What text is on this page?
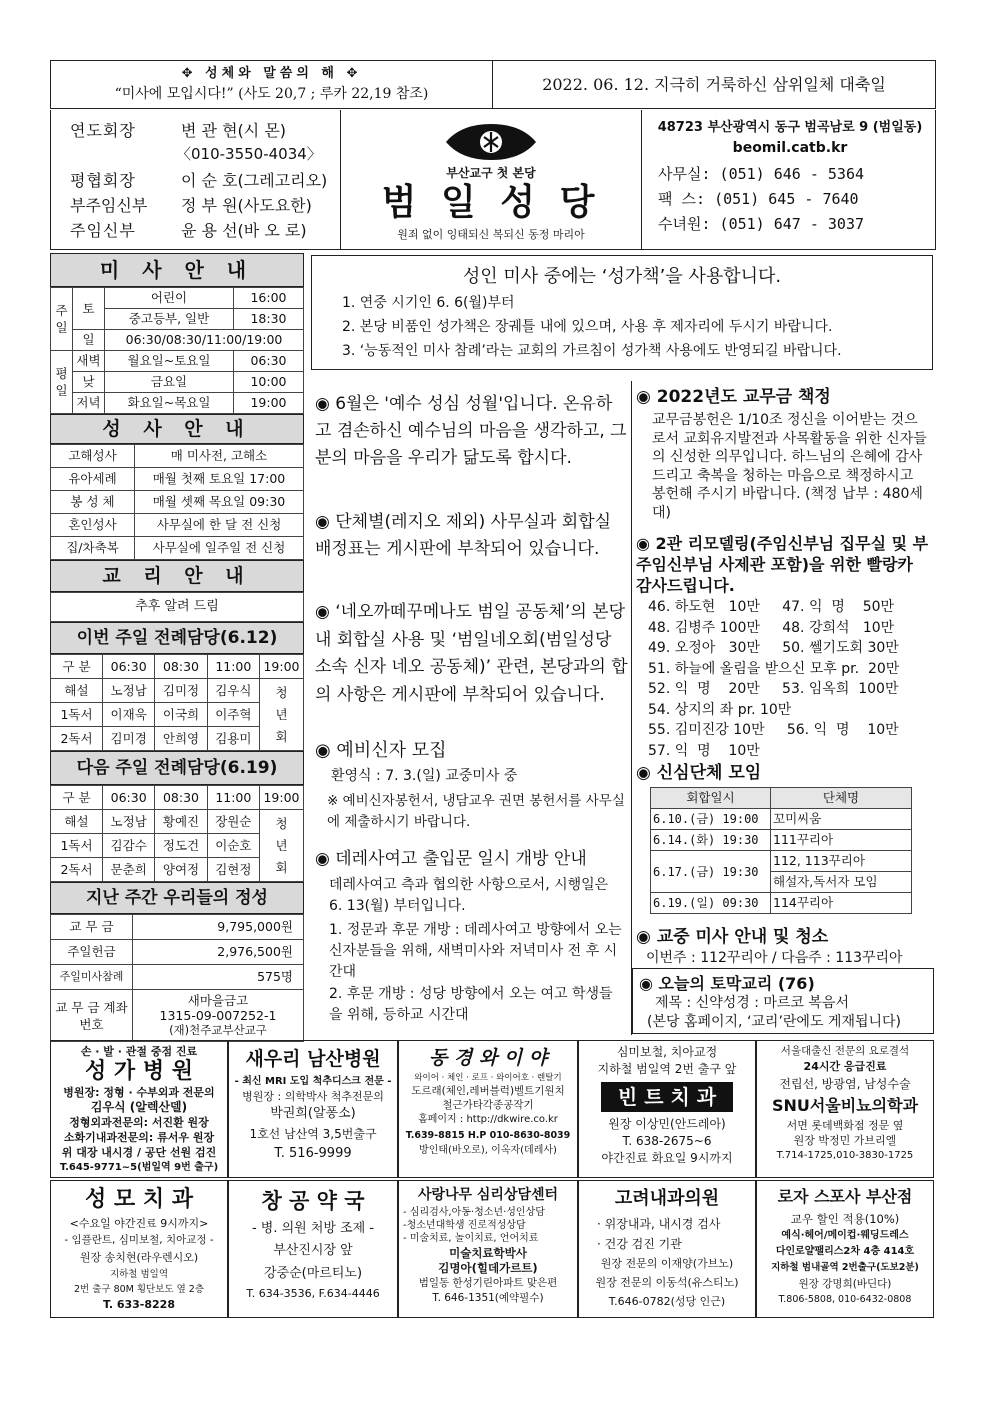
✥ 성체와 말씀의 해 ✥
“미사에 모입시다!” (사도 20,7 ; 루카 22,19 참조)	2022. 06. 12. 지극히 거룩하신 삼위일체 대축일
연도회장	변 관 현(시 몬)
〈010-3550-4034〉
평협회장	이 순 호(그레고리오)
부주임신부 정 부 원(사도요한)
주임신부	윤 용 선(바 오 로)
부산교구 첫 본당
범 일 성 당
원죄 없이 잉태되신 복되신 동정 마리아
48723 부산광역시 동구 범곡남로 9 (범일동)
beomil.catb.kr
사무실: (051) 646 - 5364
팩 스: (051) 645 - 7640
수녀원: (051) 647 - 3037
미 사 안 내
주일	토	어린이	16:00
		중고등부, 일반	18:30
	일	06:30/08:30/11:00/19:00	
평일	새벽	월요일~토요일	06:30
	낮	금요일	10:00
	저녁	화요일~목요일	19:00
성 사 안 내
고해성사	매 미사전, 고해소
유아세례	매월 첫째 토요일 17:00
봉 성 체	매월 셋째 목요일 09:30
혼인성사	사무실에 한 달 전 신청
집/차축복	사무실에 일주일 전 신청
교 리 안 내
추후 알려 드림
이번 주일 전례담당(6.12)
구 분	06:30	08:30	11:00	19:00
해설	노정남	김미정	김우식	청년회
1독서	이재욱	이국희	이주혁	
2독서	김미경	안희영	김용미	
다음 주일 전례담당(6.19)
구 분	06:30	08:30	11:00	19:00
해설	노정남	황예진	장원순	청년회
1독서	김감수	정도건	이순호	
2독서	문춘희	양여정	김현정	
지난 주간 우리들의 정성
교 무 금	9,795,000원
주일헌금	2,976,500원
주일미사참례	575명
교 무 금 계좌번호	새마을금고
1315-09-007252-1
(재)천주교부산교구
성인 미사 중에는 ‘성가책’을 사용합니다.
1. 연중 시기인 6. 6(월)부터
2. 본당 비품인 성가책은 장궤틀 내에 있으며, 사용 후 제자리에 두시기 바랍니다.
3. ‘능동적인 미사 참례’라는 교회의 가르침이 성가책 사용에도 반영되길 바랍니다.
◉ 6월은 '예수 성심 성월'입니다. 온유하고 겸손하신 예수님의 마음을 생각하고, 그분의 마음을 우리가 닮도록 합시다.
◉ 단체별(레지오 제외) 사무실과 회합실 배정표는 게시판에 부착되어 있습니다.
◉ ‘네오까떼꾸메나도 범일 공동체’의 본당 내 회합실 사용 및 ‘범일네오회(범일성당 소속 신자 네오 공동체)’ 관련, 본당과의 합의 사항은 게시판에 부착되어 있습니다.
◉ 예비신자 모집
환영식 : 7. 3.(일) 교중미사 중
※ 예비신자봉헌서, 냉담교우 권면 봉헌서를 사무실에 제출하시기 바랍니다.
◉ 데레사여고 출입문 일시 개방 안내
데레사여고 측과 협의한 사항으로서, 시행일은 6. 13(월) 부터입니다.
1. 정문과 후문 개방 : 데레사여고 방향에서 오는 신자분들을 위해, 새벽미사와 저녁미사 전 후 시간대
2. 후문 개방 : 성당 방향에서 오는 여고 학생들을 위해, 등하교 시간대
◉ 2022년도 교무금 책정
교무금봉헌은 1/10조 정신을 이어받는 것으로서 교회유지발전과 사목활동을 위한 신자들의 신성한 의무입니다. 하느님의 은혜에 감사드리고 축복을 청하는 마음으로 책정하시고 봉헌해 주시기 바랍니다. (책정 납부 : 480세대)
◉ 2관 리모델링(주임신부님 집무실 및 부주임신부님 사제관 포함)을 위한 빨랑카 감사드립니다.
46. 하도현   10만     47. 익  명    50만
48. 김병주 100만     48. 강희석   10만
49. 오정아   30만     50. 쎌기도회 30만
51. 하늘에 올림을 받으신 모후 pr.  20만
52. 익  명    20만     53. 임옥희  100만
54. 상지의 좌 pr. 10만
55. 김미진강 10만     56. 익  명    10만
57. 익  명    10만
◉ 신심단체 모임
회합일시	단체명
6.10.(금) 19:00	꼬미씨움
6.14.(화) 19:30	111꾸리아
6.17.(금) 19:30	112, 113꾸리아
	해설자,독서자 모임
6.19.(일) 09:30	114꾸리아
◉ 교중 미사 안내 및 청소
이번주 : 112꾸리아 / 다음주 : 113꾸리아
◉ 오늘의 토막교리 (76)
제목 : 신약성경 : 마르코 복음서
(본당 홈페이지, ‘교리’란에도 게재됩니다)
손 · 발 · 관절 중점 진료
성 가 병 원
병원장: 정형 · 수부외과 전문의
김우식 (알렉산델)
정형외과전문의: 서진환 원장
소화기내과전문의: 류서우 원장
위 대장 내시경 / 공단 선원 검진
T.645-9771~5(범일역 9번 출구)
새우리 남산병원
- 최신 MRI 도입 척추디스크 전문 -
병원장 : 의학박사 척추전문의
박권희(알퐁소)
1호선 남산역 3,5번출구
T. 516-9999
동 경 와 이 야
와이어 · 체인 · 로프 · 와이어호 · 렌탈기
도르래(체인,레버블럭)벨트기원치
철근가타각종공작기
홈페이지 : http://dkwire.co.kr
T.639-8815 H.P 010-8630-8039
방인태(바오로), 이옥자(데레사)
심미보철, 치아교정
지하철 범일역 2번 출구 앞
빈 트 치 과
원장 이상민(안드레아)
T. 638-2675~6
야간진료 화요일 9시까지
서울대출신 전문의 요로결석
24시간 응급진료
전립선, 방광염, 남성수술
SNU서울비뇨의학과
서면 롯데백화점 정문 옆
원장 박정민 가브리엘
T.714-1725,010-3830-1725
성 모 치 과
<수요일 야간진료 9시까지>
- 임플란트, 심미보철, 치아교정 -
원장 송치현(라우렌시오)
지하철 범일역
2번 출구 80M 횡단보도 옆 2층
T. 633-8228
창 공 약 국
- 병. 의원 처방 조제 -
부산진시장 앞
강중순(마르티노)
T. 634-3536, F.634-4446
사랑나무 심리상담센터
- 심리검사,아동·청소년·성인상담
-청소년대학생 진로적성상담
- 미술치료, 놀이치료, 언어치료
미술치료학박사
김명아(힐데가르트)
범일동 한성기린아파트 맞은편
T. 646-1351(예약필수)
고려내과의원
· 위장내과, 내시경 검사
· 건강 검진 기관
원장 전문의 이재양(가브노)
원장 전문의 이동석(유스티노)
T.646-0782(성당 인근)
로자 스포사 부산점
교우 할인 적용(10%)
예식·헤어/메이컵·웨딩드레스
다인로얄팰리스2차 4층 414호
지하철 범내골역 2번출구(도보2분)
원장 강명희(바딘다)
T.806-5808, 010-6432-0808
